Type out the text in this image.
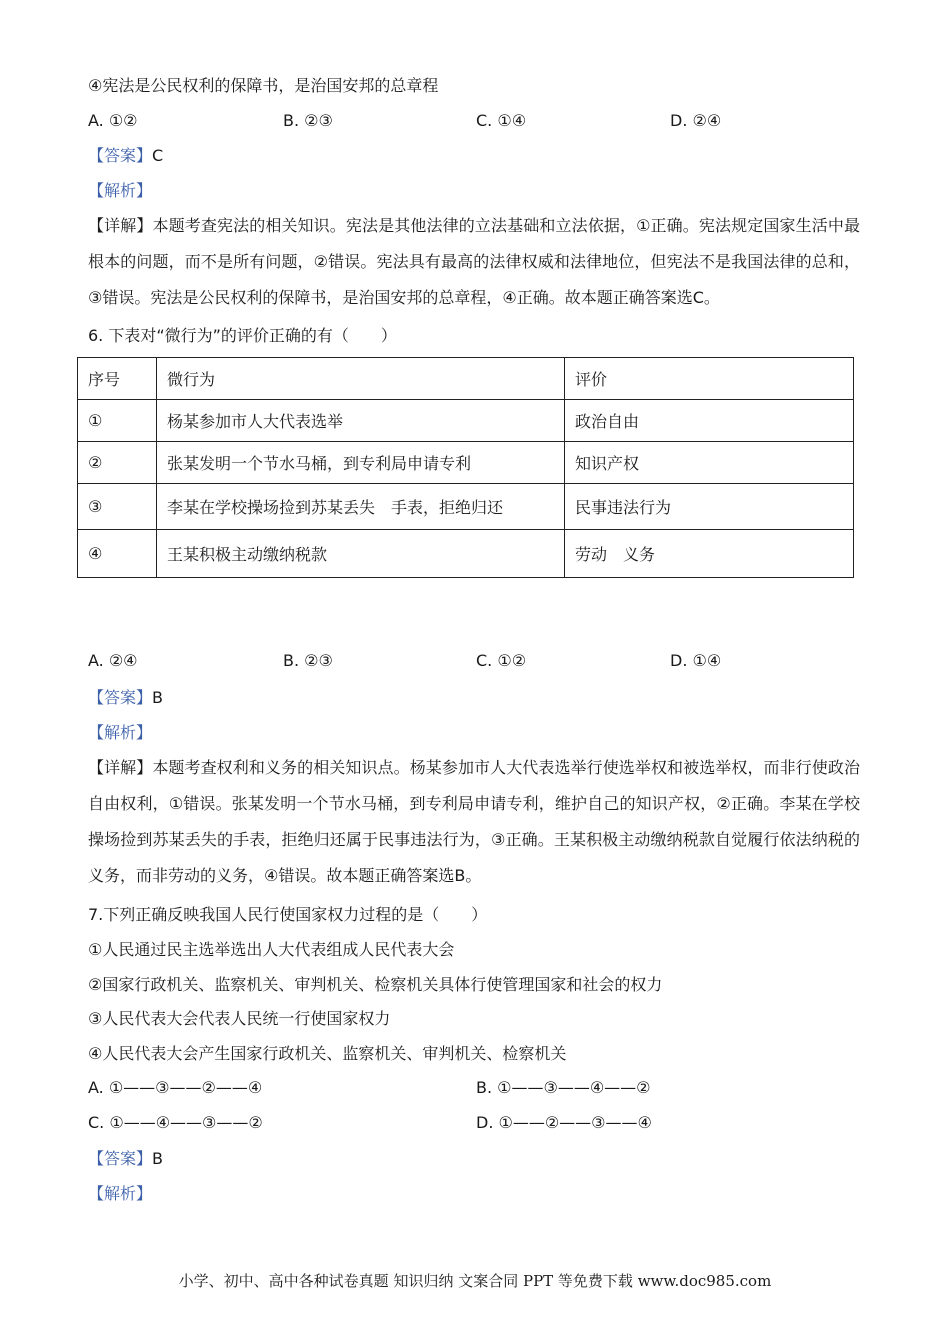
④宪法是公民权利的保障书，是治国安邦的总章程
A. ①②	B. ②③	C. ①④	D. ②④
【答案】C
【解析】
【详解】本题考查宪法的相关知识。宪法是其他法律的立法基础和立法依据，①正确。宪法规定国家生活中最根本的问题，而不是所有问题，②错误。宪法具有最高的法律权威和法律地位，但宪法不是我国法律的总和，③错误。宪法是公民权利的保障书，是治国安邦的总章程，④正确。故本题正确答案选C。
6. 下表对“微行为”的评价正确的有（　　）
序号	微行为	评价
①	杨某参加市人大代表选举	政治自由
②	张某发明一个节水马桶，到专利局申请专利	知识产权
③	李某在学校操场捡到苏某丢失　手表，拒绝归还	民事违法行为
④	王某积极主动缴纳税款	劳动　义务
A. ②④	B. ②③	C. ①②	D. ①④
【答案】B
【解析】
【详解】本题考查权利和义务的相关知识点。杨某参加市人大代表选举行使选举权和被选举权，而非行使政治自由权利，①错误。张某发明一个节水马桶，到专利局申请专利，维护自己的知识产权，②正确。李某在学校操场捡到苏某丢失的手表，拒绝归还属于民事违法行为，③正确。王某积极主动缴纳税款自觉履行依法纳税的义务，而非劳动的义务，④错误。故本题正确答案选B。
7.下列正确反映我国人民行使国家权力过程的是（　　）
①人民通过民主选举选出人大代表组成人民代表大会
②国家行政机关、监察机关、审判机关、检察机关具体行使管理国家和社会的权力
③人民代表大会代表人民统一行使国家权力
④人民代表大会产生国家行政机关、监察机关、审判机关、检察机关
A. ①——③——②——④	B. ①——③——④——②
C. ①——④——③——②	D. ①——②——③——④
【答案】B
【解析】
小学、初中、高中各种试卷真题 知识归纳 文案合同 PPT 等免费下载 www.doc985.com
